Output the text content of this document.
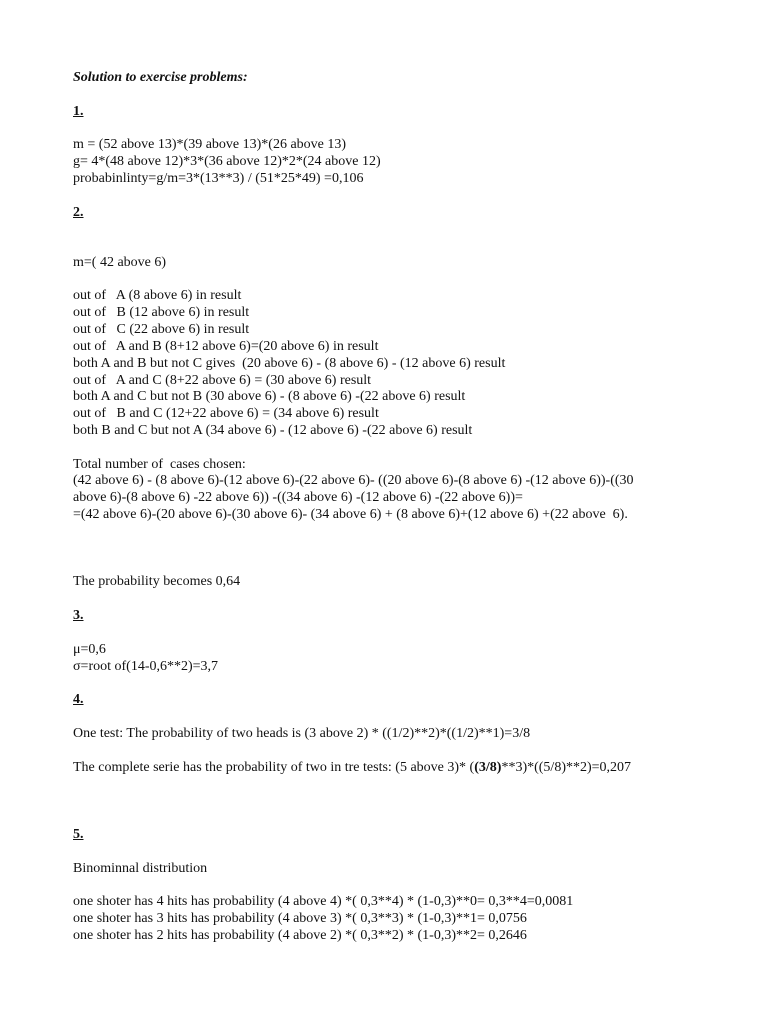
Solution to exercise problems:

1.

m = (52 above 13)*(39 above 13)*(26 above 13)

g= 4*(48 above 12)*3*(36 above 12)*2*(24 above 12)

probabinlinty=g/m=3*(13**3) / (51*25*49) =0,106

2.

m=( 42 above 6)

out of   A (8 above 6) in result

out of   B (12 above 6) in result

out of   C (22 above 6) in result

out of   A and B (8+12 above 6)=(20 above 6) in result

both A and B but not C gives  (20 above 6) - (8 above 6) - (12 above 6) result

out of   A and C (8+22 above 6) = (30 above 6) result

both A and C but not B (30 above 6) - (8 above 6) -(22 above 6) result

out of   B and C (12+22 above 6) = (34 above 6) result

both B and C but not A (34 above 6) - (12 above 6) -(22 above 6) result

Total number of  cases chosen:

(42 above 6) - (8 above 6)-(12 above 6)-(22 above 6)- ((20 above 6)-(8 above 6) -(12 above 6))-((30

above 6)-(8 above 6) -22 above 6)) -((34 above 6) -(12 above 6) -(22 above 6))=

=(42 above 6)-(20 above 6)-(30 above 6)- (34 above 6) + (8 above 6)+(12 above 6) +(22 above  6).

The probability becomes 0,64

3.

μ=0,6

σ=root of(14-0,6**2)=3,7

4.

One test: The probability of two heads is (3 above 2) * ((1/2)**2)*((1/2)**1)=3/8

The complete serie has the probability of two in tre tests: (5 above 3)* ((3/8)**3)*((5/8)**2)=0,207

5.

Binominnal distribution

one shoter has 4 hits has probability (4 above 4) *( 0,3**4) * (1-0,3)**0= 0,3**4=0,0081

one shoter has 3 hits has probability (4 above 3) *( 0,3**3) * (1-0,3)**1= 0,0756

one shoter has 2 hits has probability (4 above 2) *( 0,3**2) * (1-0,3)**2= 0,2646
